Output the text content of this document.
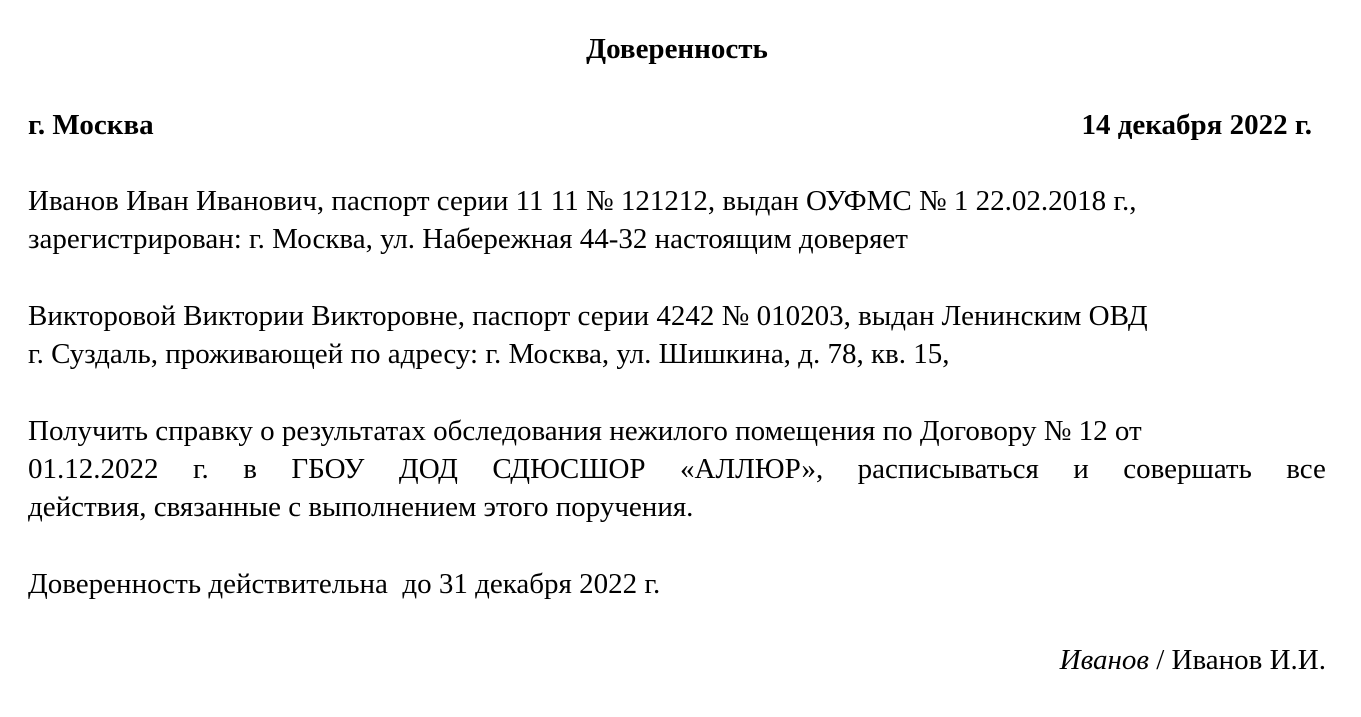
Доверенность
г. Москва	14 декабря 2022 г.

Иванов Иван Иванович, паспорт серии 11 11 № 121212, выдан ОУФМС № 1 22.02.2018 г.,
зарегистрирован: г. Москва, ул. Набережная 44-32 настоящим доверяет

Викторовой Виктории Викторовне, паспорт серии 4242 № 010203, выдан Ленинским ОВД
г. Суздаль, проживающей по адресу: г. Москва, ул. Шишкина, д. 78, кв. 15,

Получить справку о результатах обследования нежилого помещения по Договору № 12 от
01.12.2022 г. в ГБОУ ДОД СДЮСШОР «АЛЛЮР», расписываться и совершать все
действия, связанные с выполнением этого поручения.

Доверенность действительна  до 31 декабря 2022 г.

Иванов / Иванов И.И.
